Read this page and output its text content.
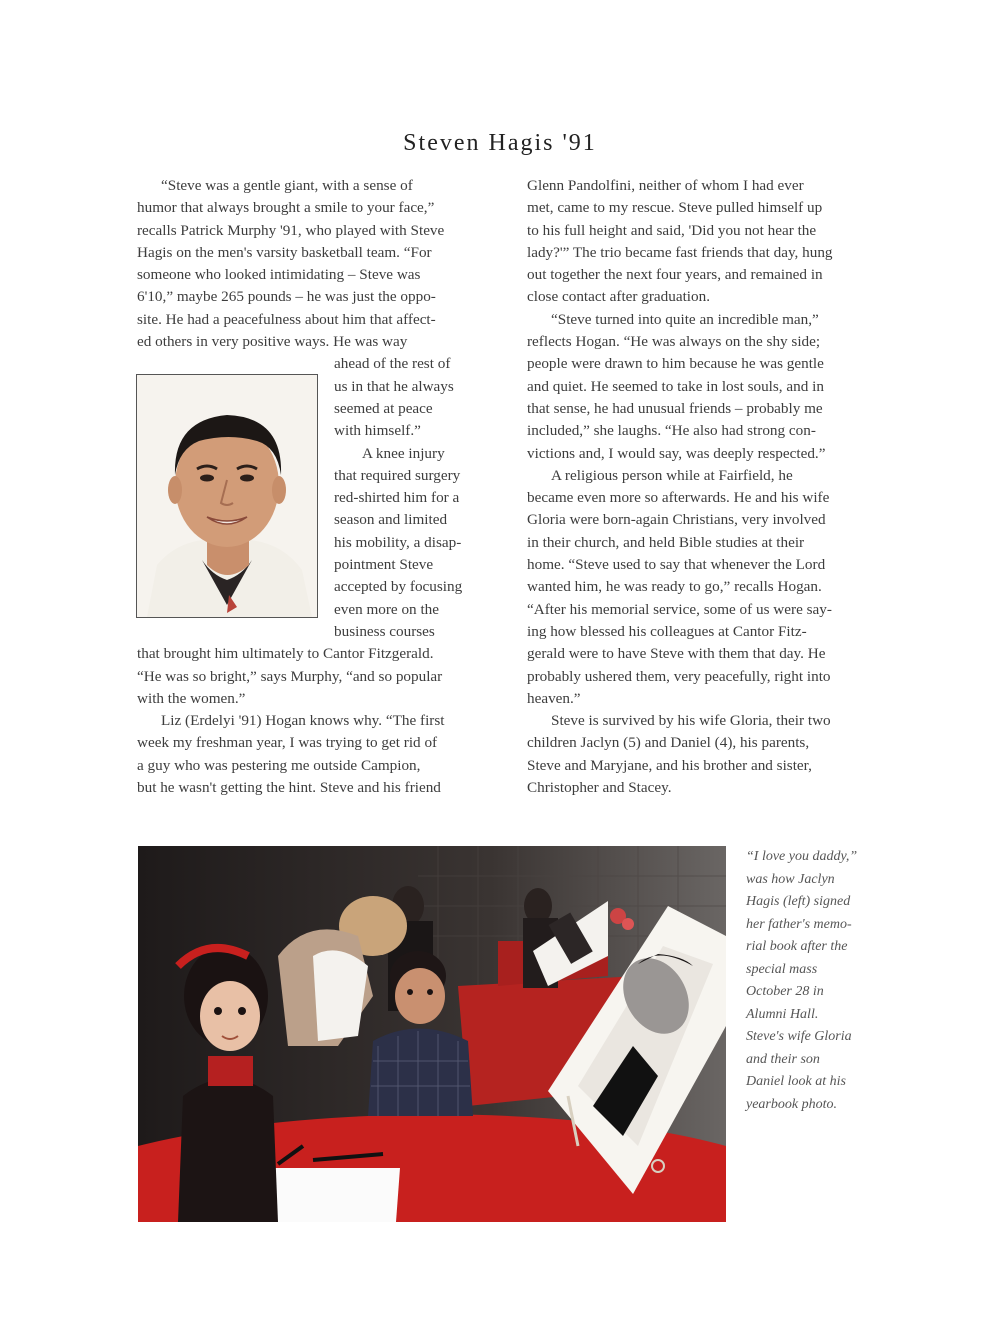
Steven Hagis '91

“Steve was a gentle giant, with a sense of
humor that always brought a smile to your face,”
recalls Patrick Murphy '91, who played with Steve
Hagis on the men's varsity basketball team. “For
someone who looked intimidating – Steve was
6'10,” maybe 265 pounds – he was just the oppo-
site. He had a peacefulness about him that affect-
ed others in very positive ways. He was way
ahead of the rest of
us in that he always
seemed at peace
with himself.”

A knee injury
that required surgery
red-shirted him for a
season and limited
his mobility, a disap-
pointment Steve
accepted by focusing
even more on the
business courses
that brought him ultimately to Cantor Fitzgerald.
“He was so bright,” says Murphy, “and so popular
with the women.”

Liz (Erdelyi '91) Hogan knows why. “The first
week my freshman year, I was trying to get rid of
a guy who was pestering me outside Campion,
but he wasn't getting the hint. Steve and his friend

Glenn Pandolfini, neither of whom I had ever
met, came to my rescue. Steve pulled himself up
to his full height and said, 'Did you not hear the
lady?'” The trio became fast friends that day, hung
out together the next four years, and remained in
close contact after graduation.

“Steve turned into quite an incredible man,”
reflects Hogan. “He was always on the shy side;
people were drawn to him because he was gentle
and quiet. He seemed to take in lost souls, and in
that sense, he had unusual friends – probably me
included,” she laughs. “He also had strong con-
victions and, I would say, was deeply respected.”

A religious person while at Fairfield, he
became even more so afterwards. He and his wife
Gloria were born-again Christians, very involved
in their church, and held Bible studies at their
home. “Steve used to say that whenever the Lord
wanted him, he was ready to go,” recalls Hogan.
“After his memorial service, some of us were say-
ing how blessed his colleagues at Cantor Fitz-
gerald were to have Steve with them that day. He
probably ushered them, very peacefully, right into
heaven.”

Steve is survived by his wife Gloria, their two
children Jaclyn (5) and Daniel (4), his parents,
Steve and Maryjane, and his brother and sister,
Christopher and Stacey.

“I love you daddy,”
was how Jaclyn
Hagis (left) signed
her father's memo-
rial book after the
special mass
October 28 in
Alumni Hall.
Steve's wife Gloria
and their son
Daniel look at his
yearbook photo.
